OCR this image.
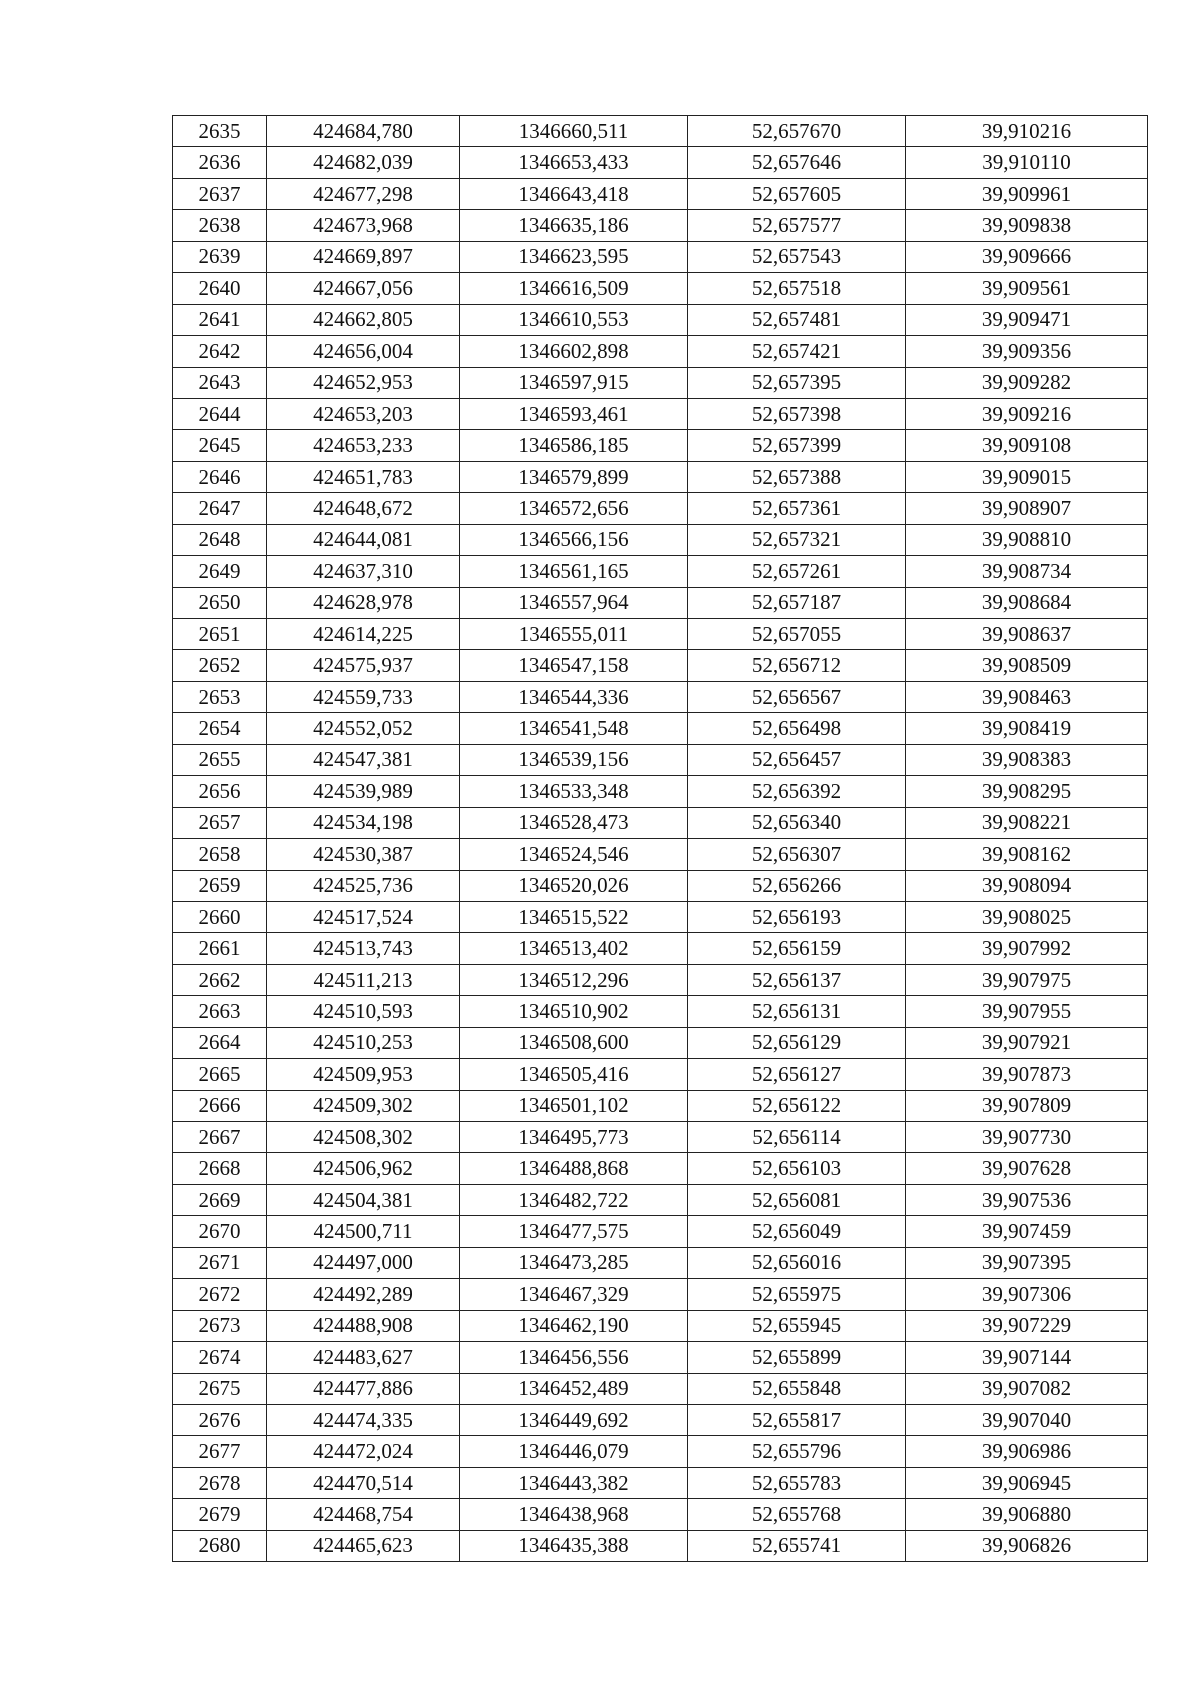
2635	424684,780	1346660,511	52,657670	39,910216
2636	424682,039	1346653,433	52,657646	39,910110
2637	424677,298	1346643,418	52,657605	39,909961
2638	424673,968	1346635,186	52,657577	39,909838
2639	424669,897	1346623,595	52,657543	39,909666
2640	424667,056	1346616,509	52,657518	39,909561
2641	424662,805	1346610,553	52,657481	39,909471
2642	424656,004	1346602,898	52,657421	39,909356
2643	424652,953	1346597,915	52,657395	39,909282
2644	424653,203	1346593,461	52,657398	39,909216
2645	424653,233	1346586,185	52,657399	39,909108
2646	424651,783	1346579,899	52,657388	39,909015
2647	424648,672	1346572,656	52,657361	39,908907
2648	424644,081	1346566,156	52,657321	39,908810
2649	424637,310	1346561,165	52,657261	39,908734
2650	424628,978	1346557,964	52,657187	39,908684
2651	424614,225	1346555,011	52,657055	39,908637
2652	424575,937	1346547,158	52,656712	39,908509
2653	424559,733	1346544,336	52,656567	39,908463
2654	424552,052	1346541,548	52,656498	39,908419
2655	424547,381	1346539,156	52,656457	39,908383
2656	424539,989	1346533,348	52,656392	39,908295
2657	424534,198	1346528,473	52,656340	39,908221
2658	424530,387	1346524,546	52,656307	39,908162
2659	424525,736	1346520,026	52,656266	39,908094
2660	424517,524	1346515,522	52,656193	39,908025
2661	424513,743	1346513,402	52,656159	39,907992
2662	424511,213	1346512,296	52,656137	39,907975
2663	424510,593	1346510,902	52,656131	39,907955
2664	424510,253	1346508,600	52,656129	39,907921
2665	424509,953	1346505,416	52,656127	39,907873
2666	424509,302	1346501,102	52,656122	39,907809
2667	424508,302	1346495,773	52,656114	39,907730
2668	424506,962	1346488,868	52,656103	39,907628
2669	424504,381	1346482,722	52,656081	39,907536
2670	424500,711	1346477,575	52,656049	39,907459
2671	424497,000	1346473,285	52,656016	39,907395
2672	424492,289	1346467,329	52,655975	39,907306
2673	424488,908	1346462,190	52,655945	39,907229
2674	424483,627	1346456,556	52,655899	39,907144
2675	424477,886	1346452,489	52,655848	39,907082
2676	424474,335	1346449,692	52,655817	39,907040
2677	424472,024	1346446,079	52,655796	39,906986
2678	424470,514	1346443,382	52,655783	39,906945
2679	424468,754	1346438,968	52,655768	39,906880
2680	424465,623	1346435,388	52,655741	39,906826
